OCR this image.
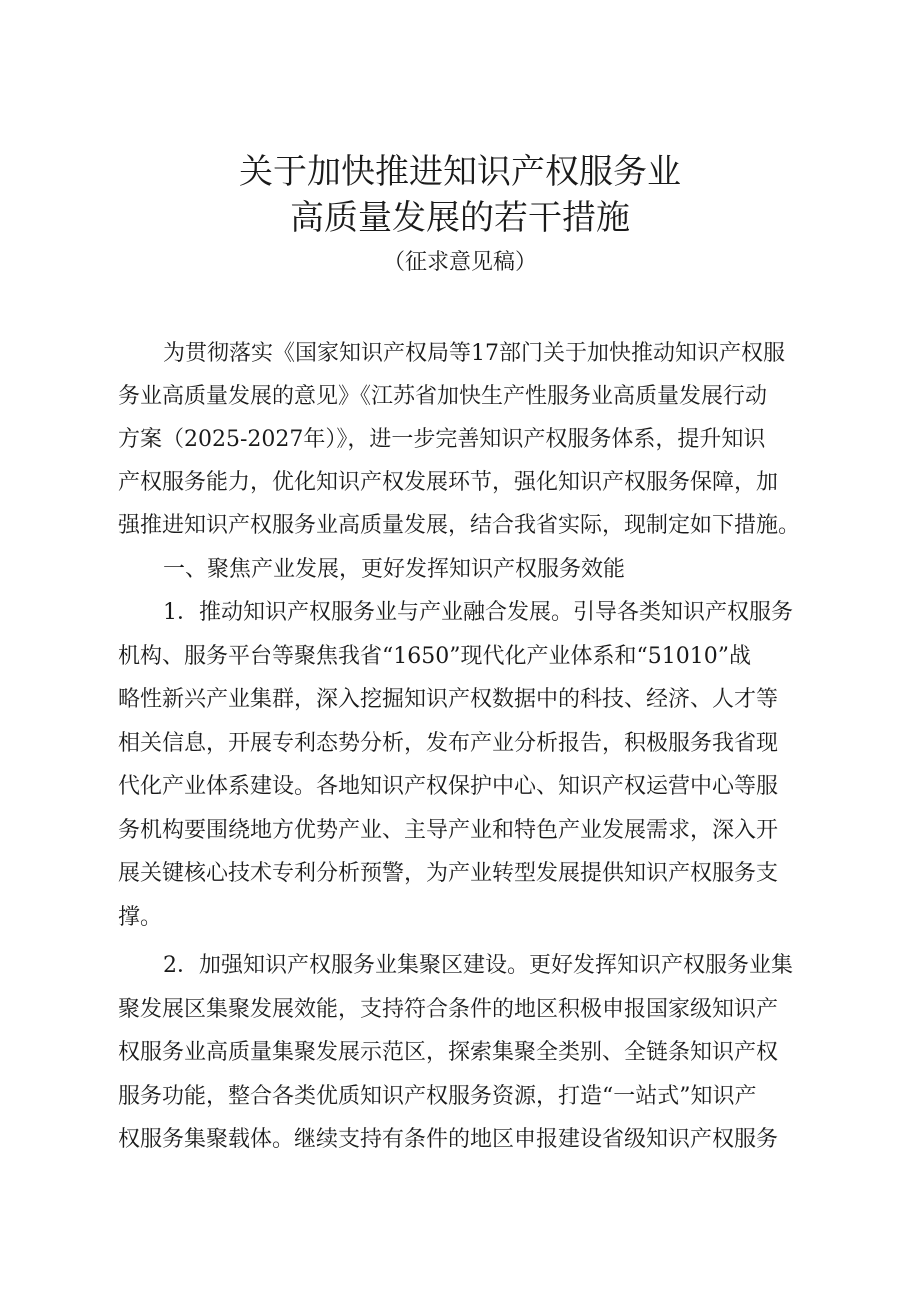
关于加快推进知识产权服务业
高质量发展的若干措施
（征求意见稿）
为贯彻落实《国家知识产权局等17部门关于加快推动知识产权服
务业高质量发展的意见》《江苏省加快生产性服务业高质量发展行动
方案（2025-2027年）》，进一步完善知识产权服务体系，提升知识
产权服务能力，优化知识产权发展环节，强化知识产权服务保障，加
强推进知识产权服务业高质量发展，结合我省实际，现制定如下措施。
一、聚焦产业发展，更好发挥知识产权服务效能
1．推动知识产权服务业与产业融合发展。引导各类知识产权服务
机构、服务平台等聚焦我省“1650”现代化产业体系和“51010”战
略性新兴产业集群，深入挖掘知识产权数据中的科技、经济、人才等
相关信息，开展专利态势分析，发布产业分析报告，积极服务我省现
代化产业体系建设。各地知识产权保护中心、知识产权运营中心等服
务机构要围绕地方优势产业、主导产业和特色产业发展需求，深入开
展关键核心技术专利分析预警，为产业转型发展提供知识产权服务支
撑。
2．加强知识产权服务业集聚区建设。更好发挥知识产权服务业集
聚发展区集聚发展效能，支持符合条件的地区积极申报国家级知识产
权服务业高质量集聚发展示范区，探索集聚全类别、全链条知识产权
服务功能，整合各类优质知识产权服务资源，打造“一站式”知识产
权服务集聚载体。继续支持有条件的地区申报建设省级知识产权服务
